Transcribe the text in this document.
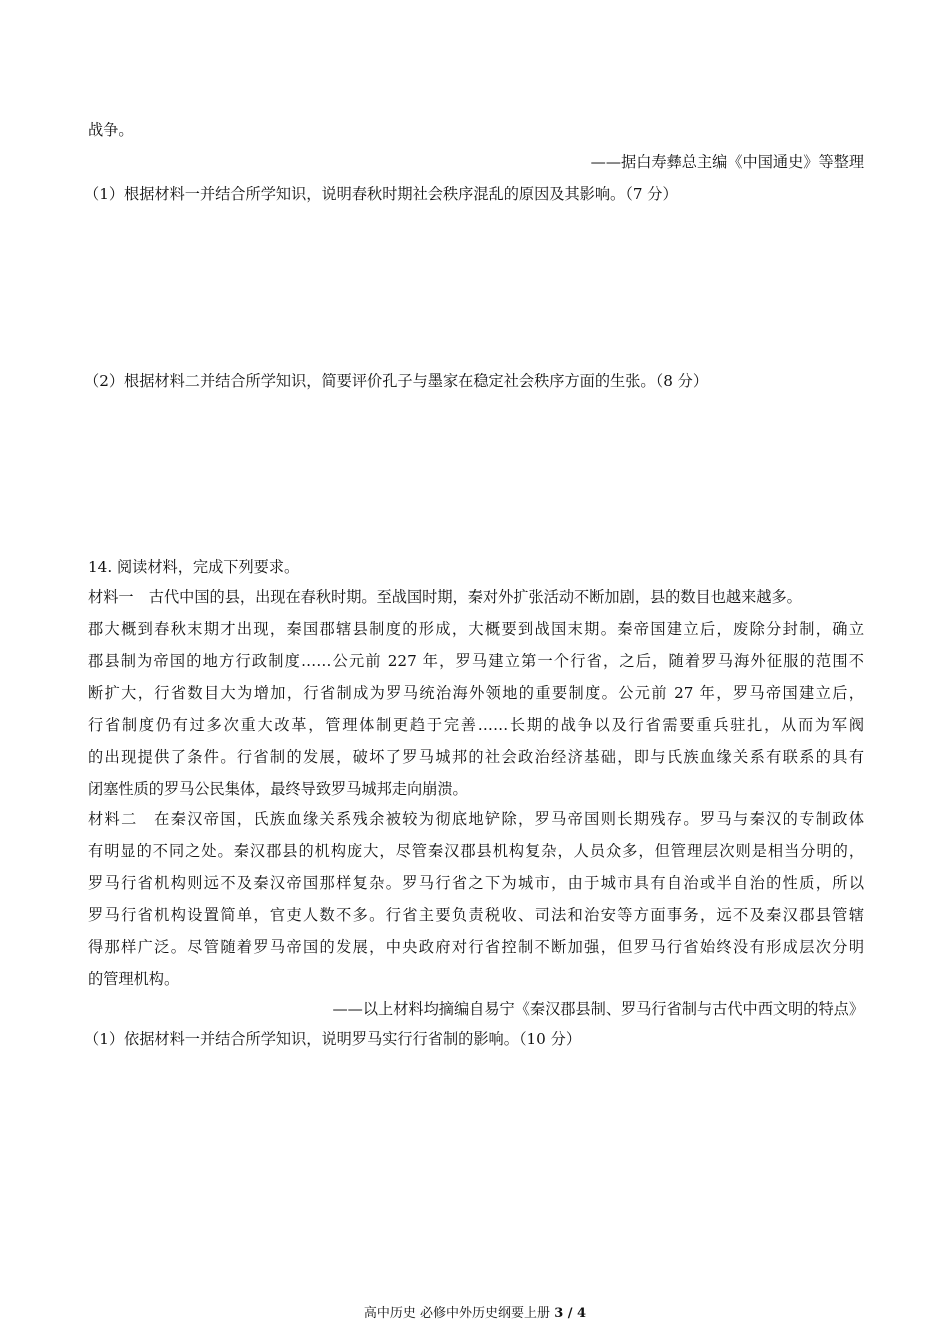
战争。
——据白寿彝总主编《中国通史》等整理
（1）根据材料一并结合所学知识，说明春秋时期社会秩序混乱的原因及其影响。（7 分）
（2）根据材料二并结合所学知识，简要评价孔子与墨家在稳定社会秩序方面的生张。（8 分）
14. 阅读材料，完成下列要求。
材料一　古代中国的县，出现在春秋时期。至战国时期，秦对外扩张活动不断加剧，县的数目也越来越多。
郡大概到春秋末期才出现，秦国郡辖县制度的形成，大概要到战国末期。秦帝国建立后，废除分封制，确立
郡县制为帝国的地方行政制度……公元前 227 年，罗马建立第一个行省，之后，随着罗马海外征服的范围不
断扩大，行省数目大为增加，行省制成为罗马统治海外领地的重要制度。公元前 27 年，罗马帝国建立后，
行省制度仍有过多次重大改革，管理体制更趋于完善……长期的战争以及行省需要重兵驻扎，从而为军阀
的出现提供了条件。行省制的发展，破坏了罗马城邦的社会政治经济基础，即与氏族血缘关系有联系的具有
闭塞性质的罗马公民集体，最终导致罗马城邦走向崩溃。
材料二　在秦汉帝国，氏族血缘关系残余被较为彻底地铲除，罗马帝国则长期残存。罗马与秦汉的专制政体
有明显的不同之处。秦汉郡县的机构庞大，尽管秦汉郡县机构复杂，人员众多，但管理层次则是相当分明的，
罗马行省机构则远不及秦汉帝国那样复杂。罗马行省之下为城市，由于城市具有自治或半自治的性质，所以
罗马行省机构设置简单，官吏人数不多。行省主要负责税收、司法和治安等方面事务，远不及秦汉郡县管辖
得那样广泛。尽管随着罗马帝国的发展，中央政府对行省控制不断加强，但罗马行省始终没有形成层次分明
的管理机构。
——以上材料均摘编自易宁《秦汉郡县制、罗马行省制与古代中西文明的特点》
（1）依据材料一并结合所学知识，说明罗马实行行省制的影响。（10 分）
高中历史 必修中外历史纲要上册 3 / 4
